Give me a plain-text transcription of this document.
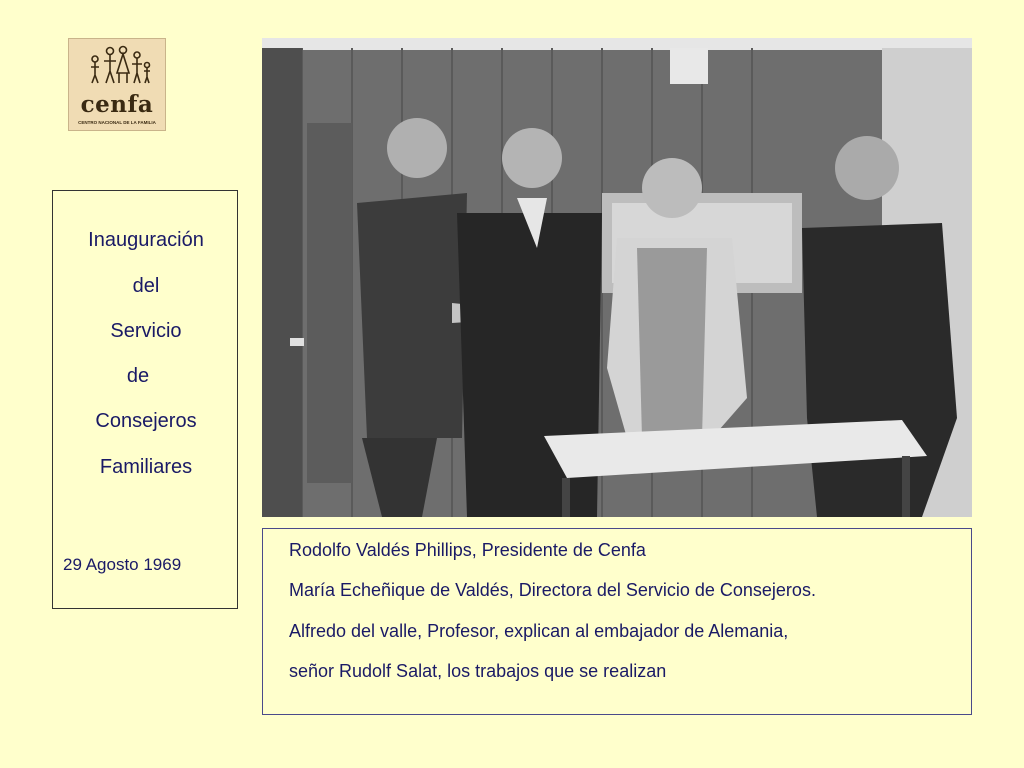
cenfa
CENTRO NACIONAL DE LA FAMILIA
Inauguración
del
Servicio
de
Consejeros
Familiares
29 Agosto 1969
Rodolfo Valdés Phillips, Presidente de Cenfa
María Echeñique de Valdés, Directora del Servicio de Consejeros.
Alfredo del valle, Profesor, explican al embajador de Alemania,
señor Rudolf Salat, los trabajos que se realizan
